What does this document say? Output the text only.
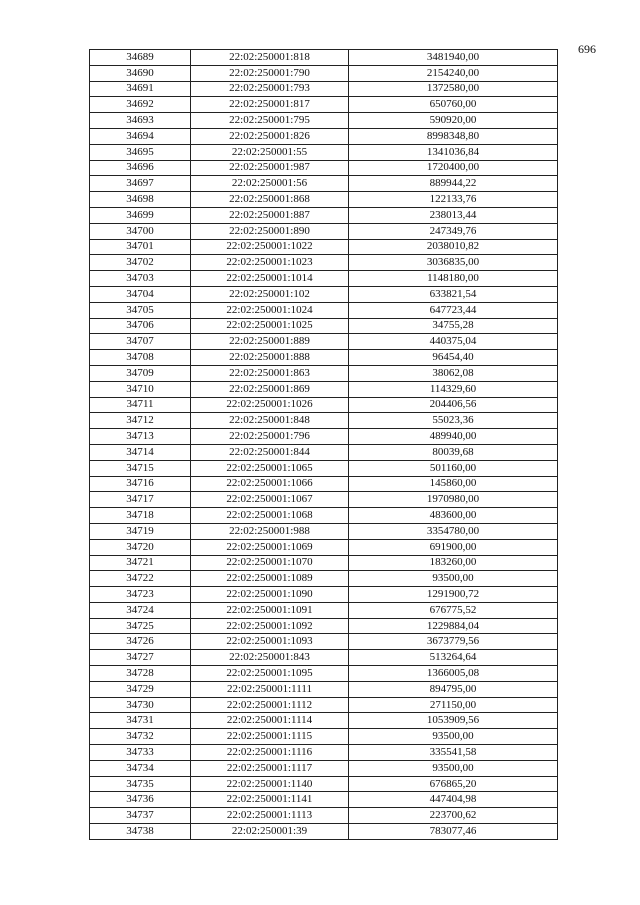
696
34689	22:02:250001:818	3481940,00
34690	22:02:250001:790	2154240,00
34691	22:02:250001:793	1372580,00
34692	22:02:250001:817	650760,00
34693	22:02:250001:795	590920,00
34694	22:02:250001:826	8998348,80
34695	22:02:250001:55	1341036,84
34696	22:02:250001:987	1720400,00
34697	22:02:250001:56	889944,22
34698	22:02:250001:868	122133,76
34699	22:02:250001:887	238013,44
34700	22:02:250001:890	247349,76
34701	22:02:250001:1022	2038010,82
34702	22:02:250001:1023	3036835,00
34703	22:02:250001:1014	1148180,00
34704	22:02:250001:102	633821,54
34705	22:02:250001:1024	647723,44
34706	22:02:250001:1025	34755,28
34707	22:02:250001:889	440375,04
34708	22:02:250001:888	96454,40
34709	22:02:250001:863	38062,08
34710	22:02:250001:869	114329,60
34711	22:02:250001:1026	204406,56
34712	22:02:250001:848	55023,36
34713	22:02:250001:796	489940,00
34714	22:02:250001:844	80039,68
34715	22:02:250001:1065	501160,00
34716	22:02:250001:1066	145860,00
34717	22:02:250001:1067	1970980,00
34718	22:02:250001:1068	483600,00
34719	22:02:250001:988	3354780,00
34720	22:02:250001:1069	691900,00
34721	22:02:250001:1070	183260,00
34722	22:02:250001:1089	93500,00
34723	22:02:250001:1090	1291900,72
34724	22:02:250001:1091	676775,52
34725	22:02:250001:1092	1229884,04
34726	22:02:250001:1093	3673779,56
34727	22:02:250001:843	513264,64
34728	22:02:250001:1095	1366005,08
34729	22:02:250001:1111	894795,00
34730	22:02:250001:1112	271150,00
34731	22:02:250001:1114	1053909,56
34732	22:02:250001:1115	93500,00
34733	22:02:250001:1116	335541,58
34734	22:02:250001:1117	93500,00
34735	22:02:250001:1140	676865,20
34736	22:02:250001:1141	447404,98
34737	22:02:250001:1113	223700,62
34738	22:02:250001:39	783077,46
